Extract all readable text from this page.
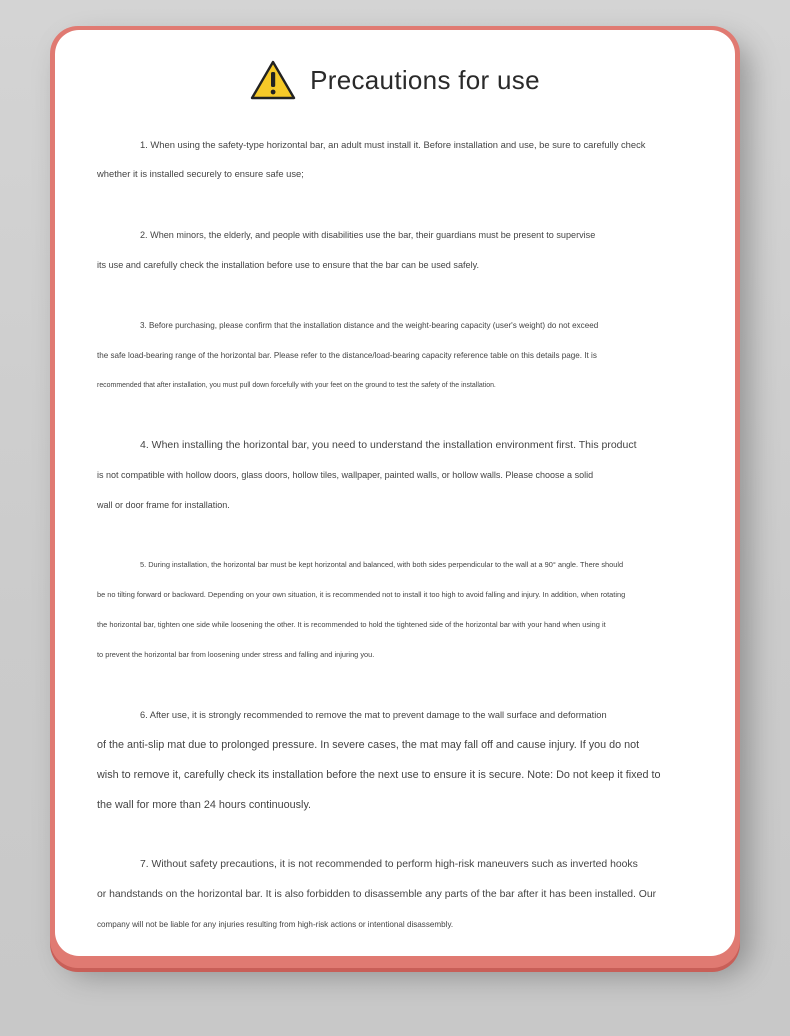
Precautions for use
1. When using the safety-type horizontal bar, an adult must install it. Before installation and use, be sure to carefully check
whether it is installed securely to ensure safe use;
2. When minors, the elderly, and people with disabilities use the bar, their guardians must be present to supervise
its use and carefully check the installation before use to ensure that the bar can be used safely.
3. Before purchasing, please confirm that the installation distance and the weight-bearing capacity (user's weight) do not exceed
the safe load-bearing range of the horizontal bar. Please refer to the distance/load-bearing capacity reference table on this details page. It is
recommended that after installation, you must pull down forcefully with your feet on the ground to test the safety of the installation.
4. When installing the horizontal bar, you need to understand the installation environment first. This product
is not compatible with hollow doors, glass doors, hollow tiles, wallpaper, painted walls, or hollow walls. Please choose a solid
wall or door frame for installation.
5. During installation, the horizontal bar must be kept horizontal and balanced, with both sides perpendicular to the wall at a 90° angle. There should
be no tilting forward or backward. Depending on your own situation, it is recommended not to install it too high to avoid falling and injury. In addition, when rotating
the horizontal bar, tighten one side while loosening the other. It is recommended to hold the tightened side of the horizontal bar with your hand when using it
to prevent the horizontal bar from loosening under stress and falling and injuring you.
6. After use, it is strongly recommended to remove the mat to prevent damage to the wall surface and deformation
of the anti-slip mat due to prolonged pressure. In severe cases, the mat may fall off and cause injury. If you do not
wish to remove it, carefully check its installation before the next use to ensure it is secure. Note: Do not keep it fixed to
the wall for more than 24 hours continuously.
7. Without safety precautions, it is not recommended to perform high-risk maneuvers such as inverted hooks
or handstands on the horizontal bar. It is also forbidden to disassemble any parts of the bar after it has been installed. Our
company will not be liable for any injuries resulting from high-risk actions or intentional disassembly.
